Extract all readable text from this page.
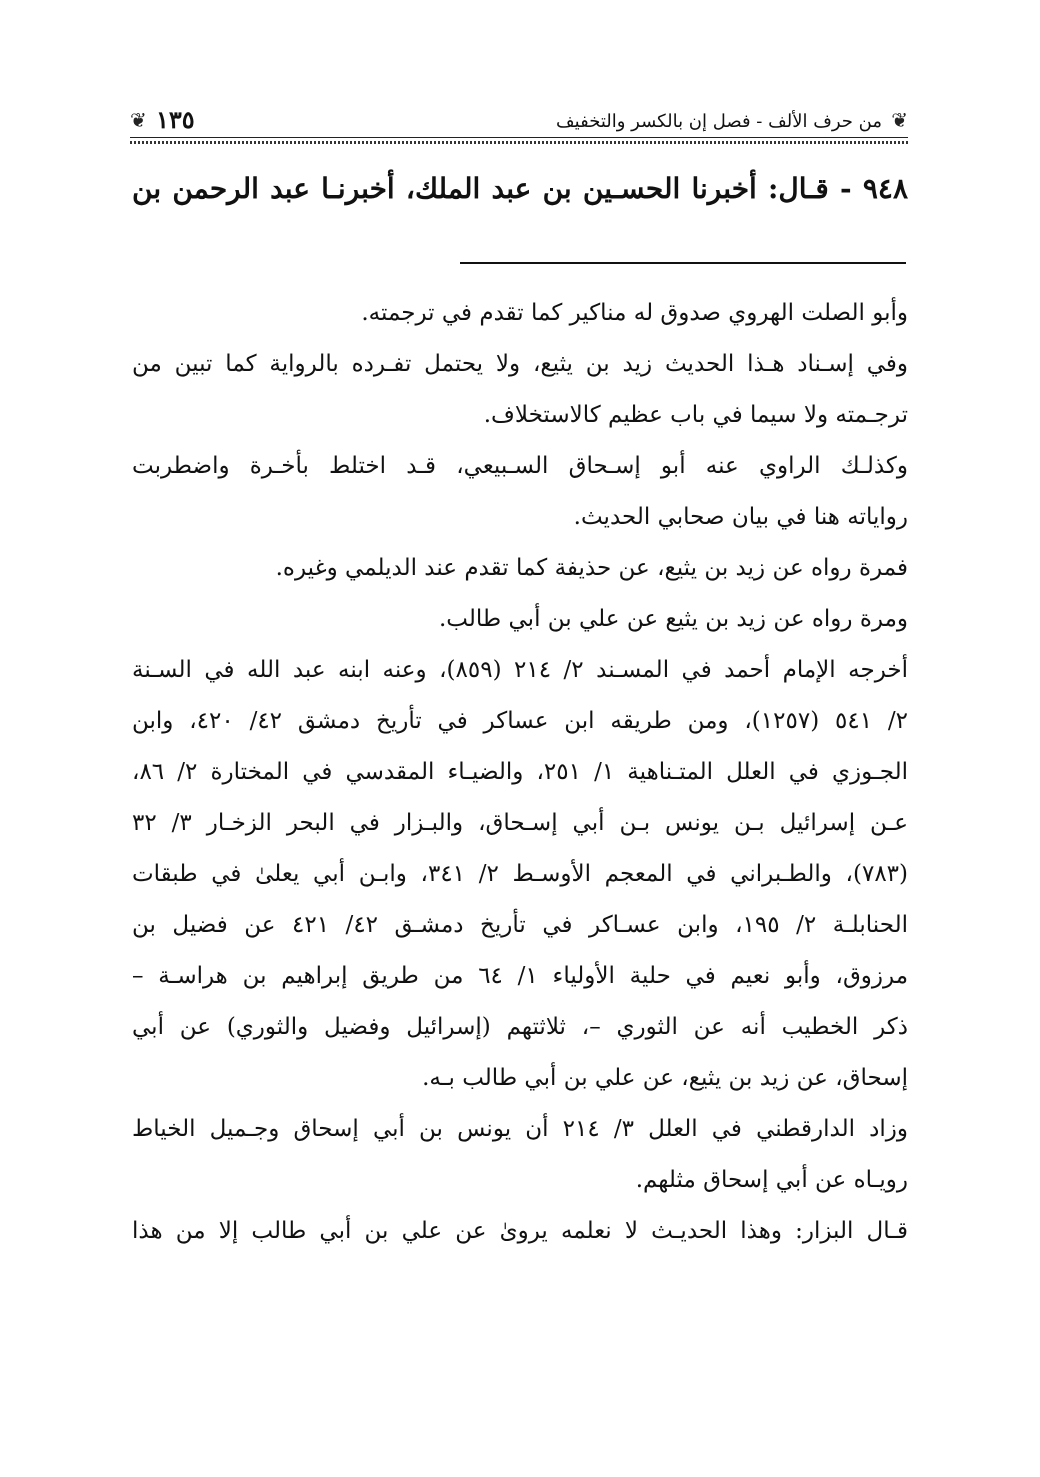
❦
من حرف الألف - فصل إن بالكسر والتخفيف
١٣٥
❦
٩٤٨ - قـال: أخبرنا الحسـين بن عبد الملك، أخبرنـا عبد الرحمن بن
وأبو الصلت الهروي صدوق له مناكير كما تقدم في ترجمته.
وفي إسـناد هـذا الحديث زيد بن يثيع، ولا يحتمل تفـرده بالرواية كما تبين من
ترجـمته ولا سيما في باب عظيم كالاستخلاف.
وكذلـك الراوي عنه أبو إسـحاق السـبيعي، قـد اختلط بأخـرة واضطربت
رواياته هنا في بيان صحابي الحديث.
فمرة رواه عن زيد بن يثيع، عن حذيفة كما تقدم عند الديلمي وغيره.
ومرة رواه عن زيد بن يثيع عن علي بن أبي طالب.
أخرجه الإمام أحمد في المسـند ٢/ ٢١٤ (٨٥٩)، وعنه ابنه عبد الله في السـنة
٢/ ٥٤١ (١٢٥٧)، ومن طريقه ابن عساكر في تأريخ دمشق ٤٢/ ٤٢٠، وابن
الجـوزي في العلل المتـناهية ١/ ٢٥١، والضيـاء المقدسي في المختارة ٢/ ٨٦،
عـن إسرائيل بـن يونس بـن أبي إسـحاق، والبـزار في البحر الزخـار ٣/ ٣٢
(٧٨٣)، والطـبراني في المعجم الأوسـط ٢/ ٣٤١، وابـن أبي يعلىٰ في طبقات
الحنابلـة ٢/ ١٩٥، وابن عسـاكر في تأريخ دمشـق ٤٢/ ٤٢١ عن فضيل بن
مرزوق، وأبو نعيم في حلية الأولياء ١/ ٦٤ من طريق إبراهيم بن هراسـة –
ذكر الخطيب أنه عن الثوري –، ثلاثتهم (إسرائيل وفضيل والثوري) عن أبي
إسحاق، عن زيد بن يثيع، عن علي بن أبي طالب بـه.
وزاد الدارقطني في العلل ٣/ ٢١٤ أن يونس بن أبي إسحاق وجـميل الخياط
رويـاه عن أبي إسحاق مثلهم.
قـال البزار: وهذا الحديـث لا نعلمه يروىٰ عن علي بن أبي طالب إلا من هذا
